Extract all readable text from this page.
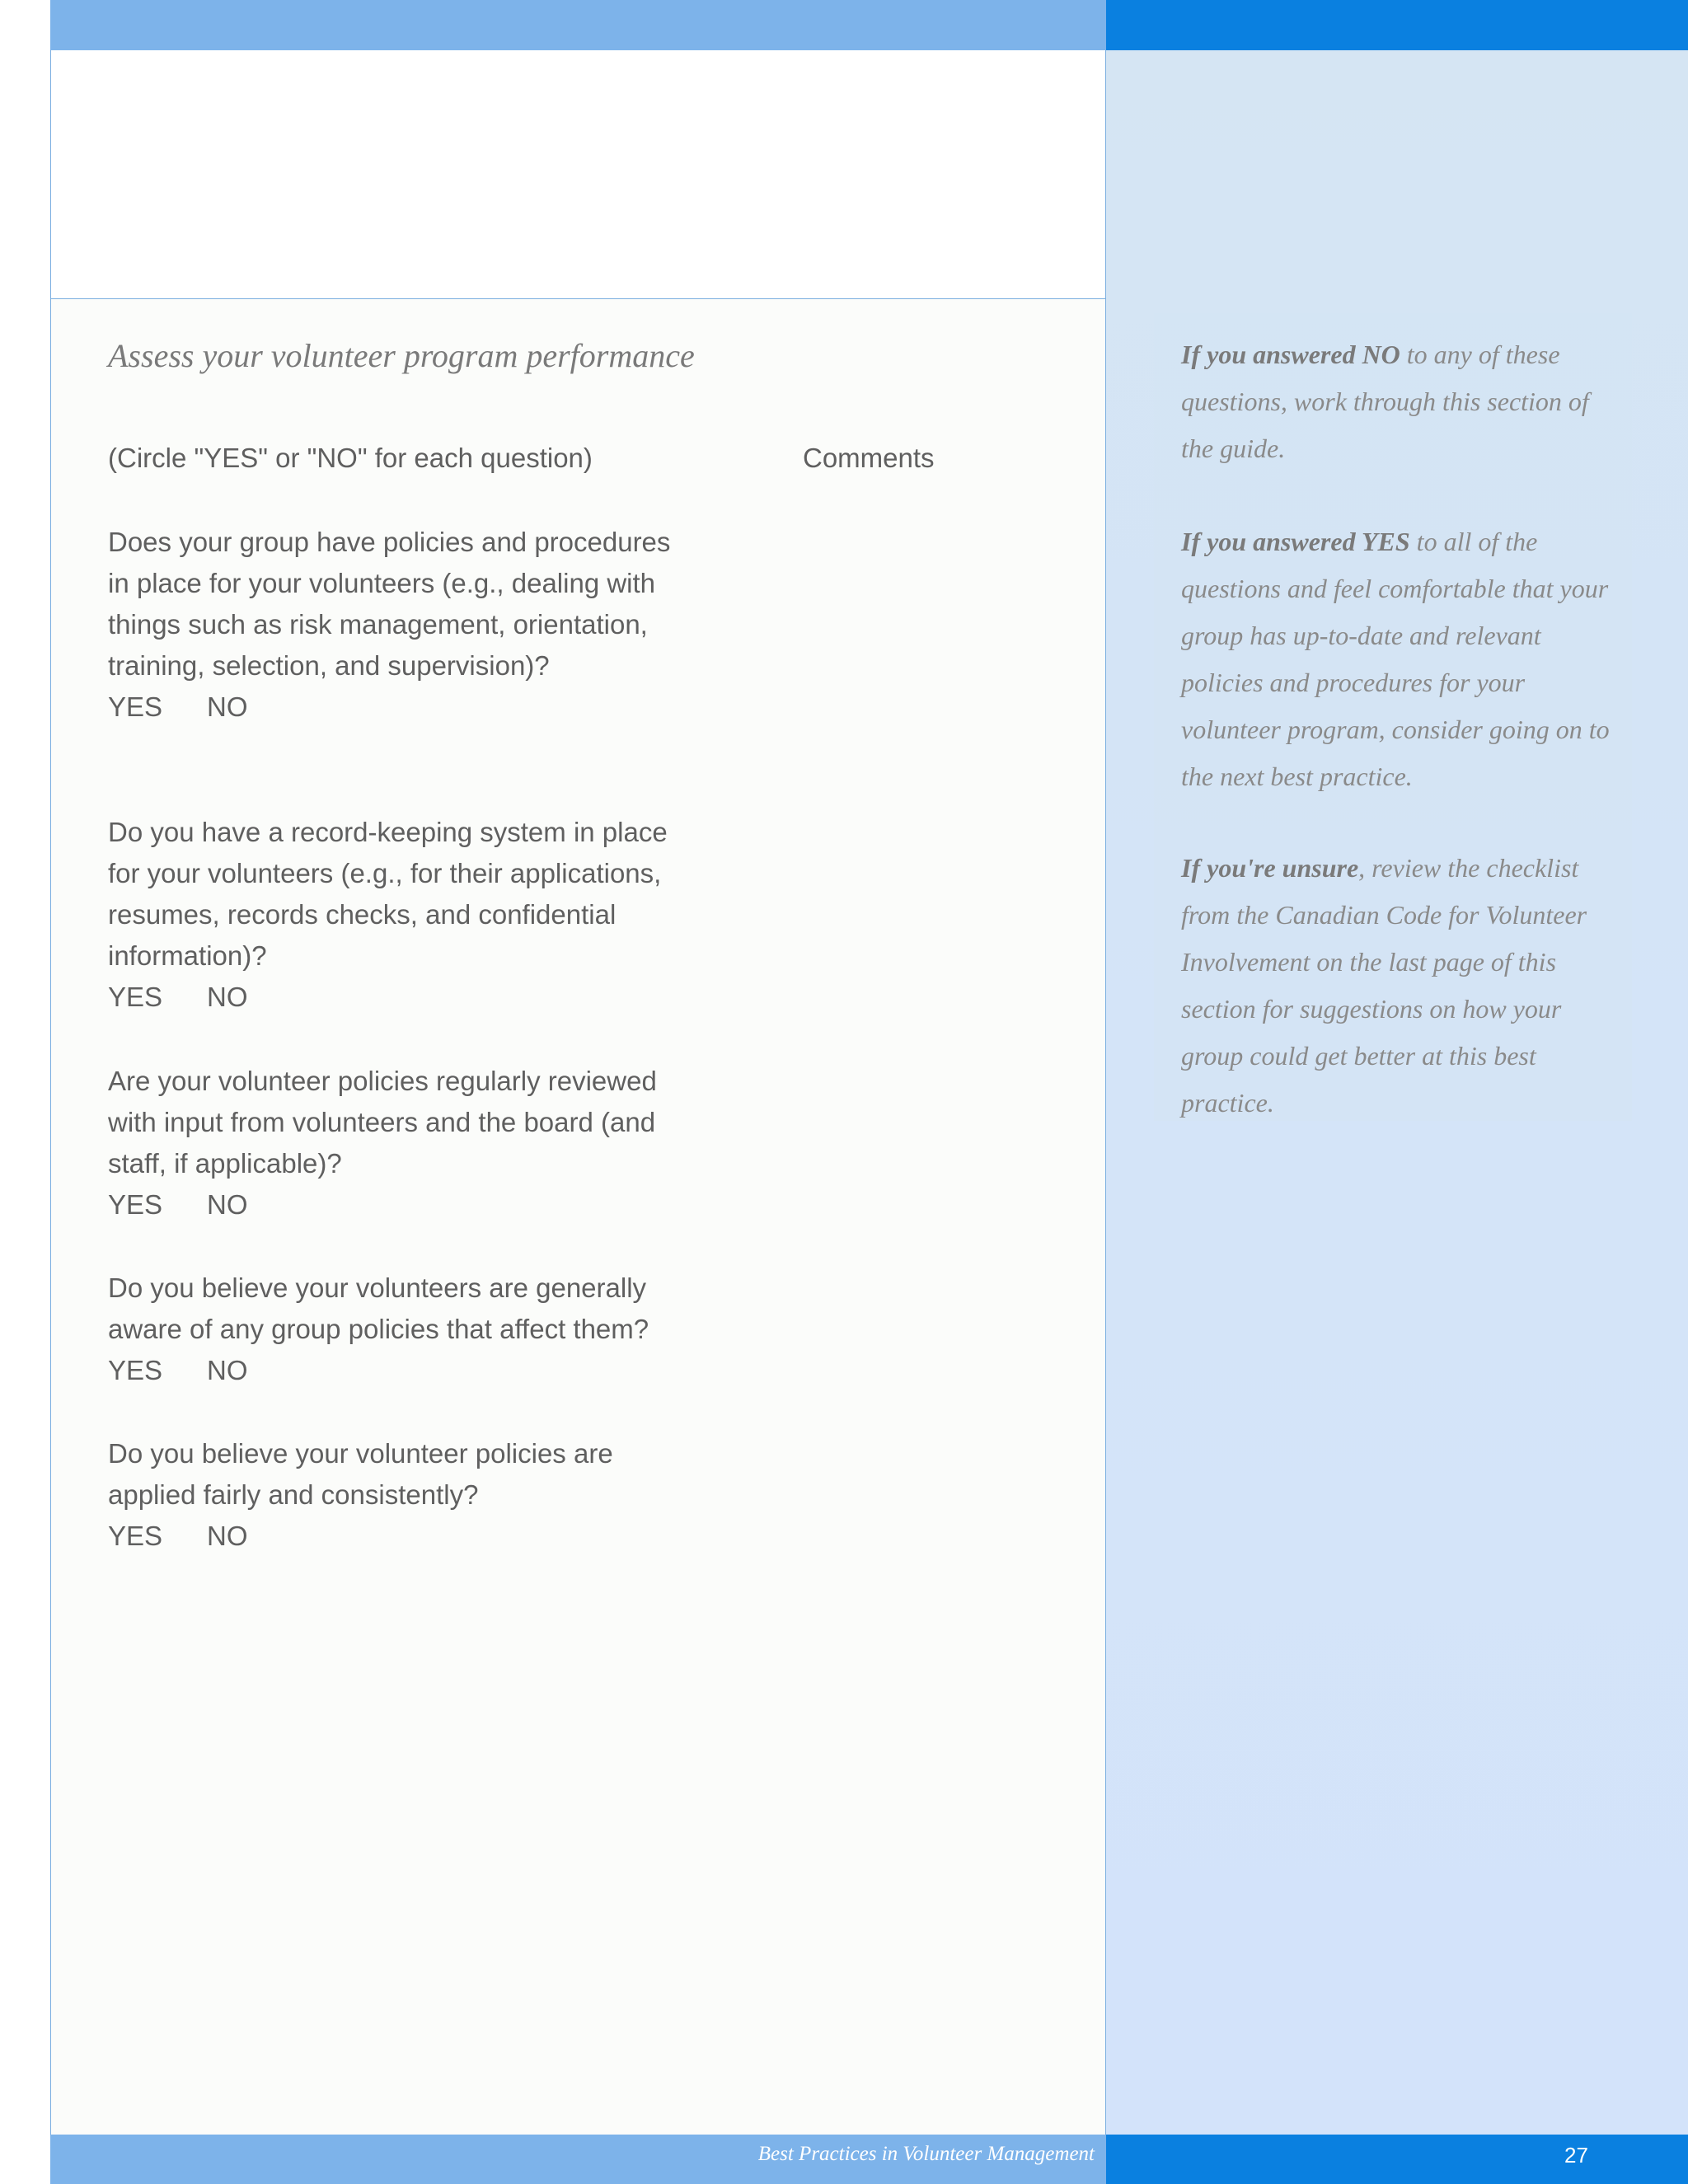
Assess your volunteer program performance
(Circle "YES" or "NO" for each question)	Comments

Does your group have policies and procedures in place for your volunteers (e.g., dealing with things such as risk management, orientation, training, selection, and supervision)?

YES	NO

Do you have a record-keeping system in place for your volunteers (e.g., for their applications, resumes, records checks, and confidential information)?

YES	NO

Are your volunteer policies regularly reviewed with input from volunteers and the board (and staff, if applicable)?

YES	NO

Do you believe your volunteers are generally aware of any group policies that affect them?

YES	NO

Do you believe your volunteer policies are applied fairly and consistently?

YES	NO
If you answered NO to any of these questions, work through this section of the guide.
If you answered YES to all of the questions and feel comfortable that your group has up-to-date and relevant policies and procedures for your volunteer program, consider going on to the next best practice.
If you're unsure, review the checklist from the Canadian Code for Volunteer Involvement on the last page of this section for suggestions on how your group could get better at this best practice.
Best Practices in Volunteer Management	27
